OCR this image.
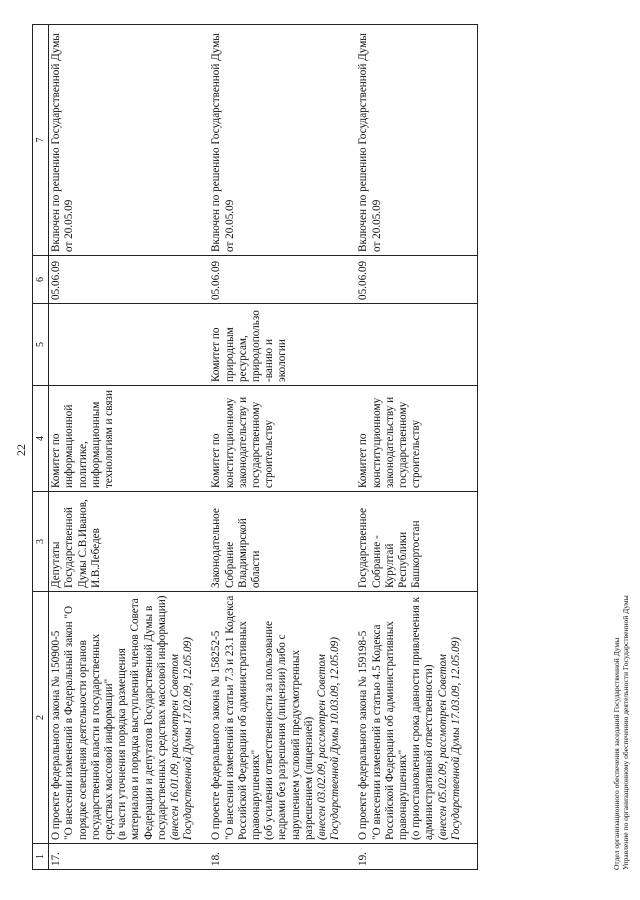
22
1	2	3	4	5	6	7
17.	О проекте федерального закона № 150900-5 "О внесении изменений в Федеральный закон "О порядке освещения деятельности органов государственной власти в государственных средствах массовой информации" (в части уточнения порядка размещения материалов и порядка выступлений членов Совета Федерации и депутатов Государственной Думы в государственных средствах массовой информации) (внесен 16.01.09, рассмотрен Советом Государственной Думы 17.02.09, 12.05.09)	Депутаты Государственной Думы С.В.Иванов, И.В.Лебедев	Комитет по информационной политике, информационным технологиям и связи		05.06.09	Включен по решению Государственной Думы от 20.05.09
18.	О проекте федерального закона № 158252-5 "О внесении изменений в статьи 7.3 и 23.1 Кодекса Российской Федерации об административных правонарушениях" (об усилении ответственности за пользование недрами без разрешения (лицензии) либо с нарушением условий предусмотренных разрешением (лицензией) (внесен 03.02.09, рассмотрен Советом Государственной Думы 10.03.09, 12.05.09)	Законодательное Собрание Владимирской области	Комитет по конституционному законодательству и государственному строительству	Комитет по природным ресурсам, природопользо-ванию и экологии	05.06.09	Включен по решению Государственной Думы от 20.05.09
19.	О проекте федерального закона № 159198-5 "О внесении изменений в статью 4.5 Кодекса Российской Федерации об административных правонарушениях" (о приостановлении срока давности привлечения к административной ответственности) (внесен 05.02.09, рассмотрен Советом Государственной Думы 17.03.09, 12.05.09)	Государственное Собрание - Курултай Республики Башкортостан	Комитет по конституционному законодательству и государственному строительству		05.06.09	Включен по решению Государственной Думы от 20.05.09
Отдел организационного обеспечения заседаний Государственной Думы Управление по организационному обеспечению деятельности Государственной Думы
